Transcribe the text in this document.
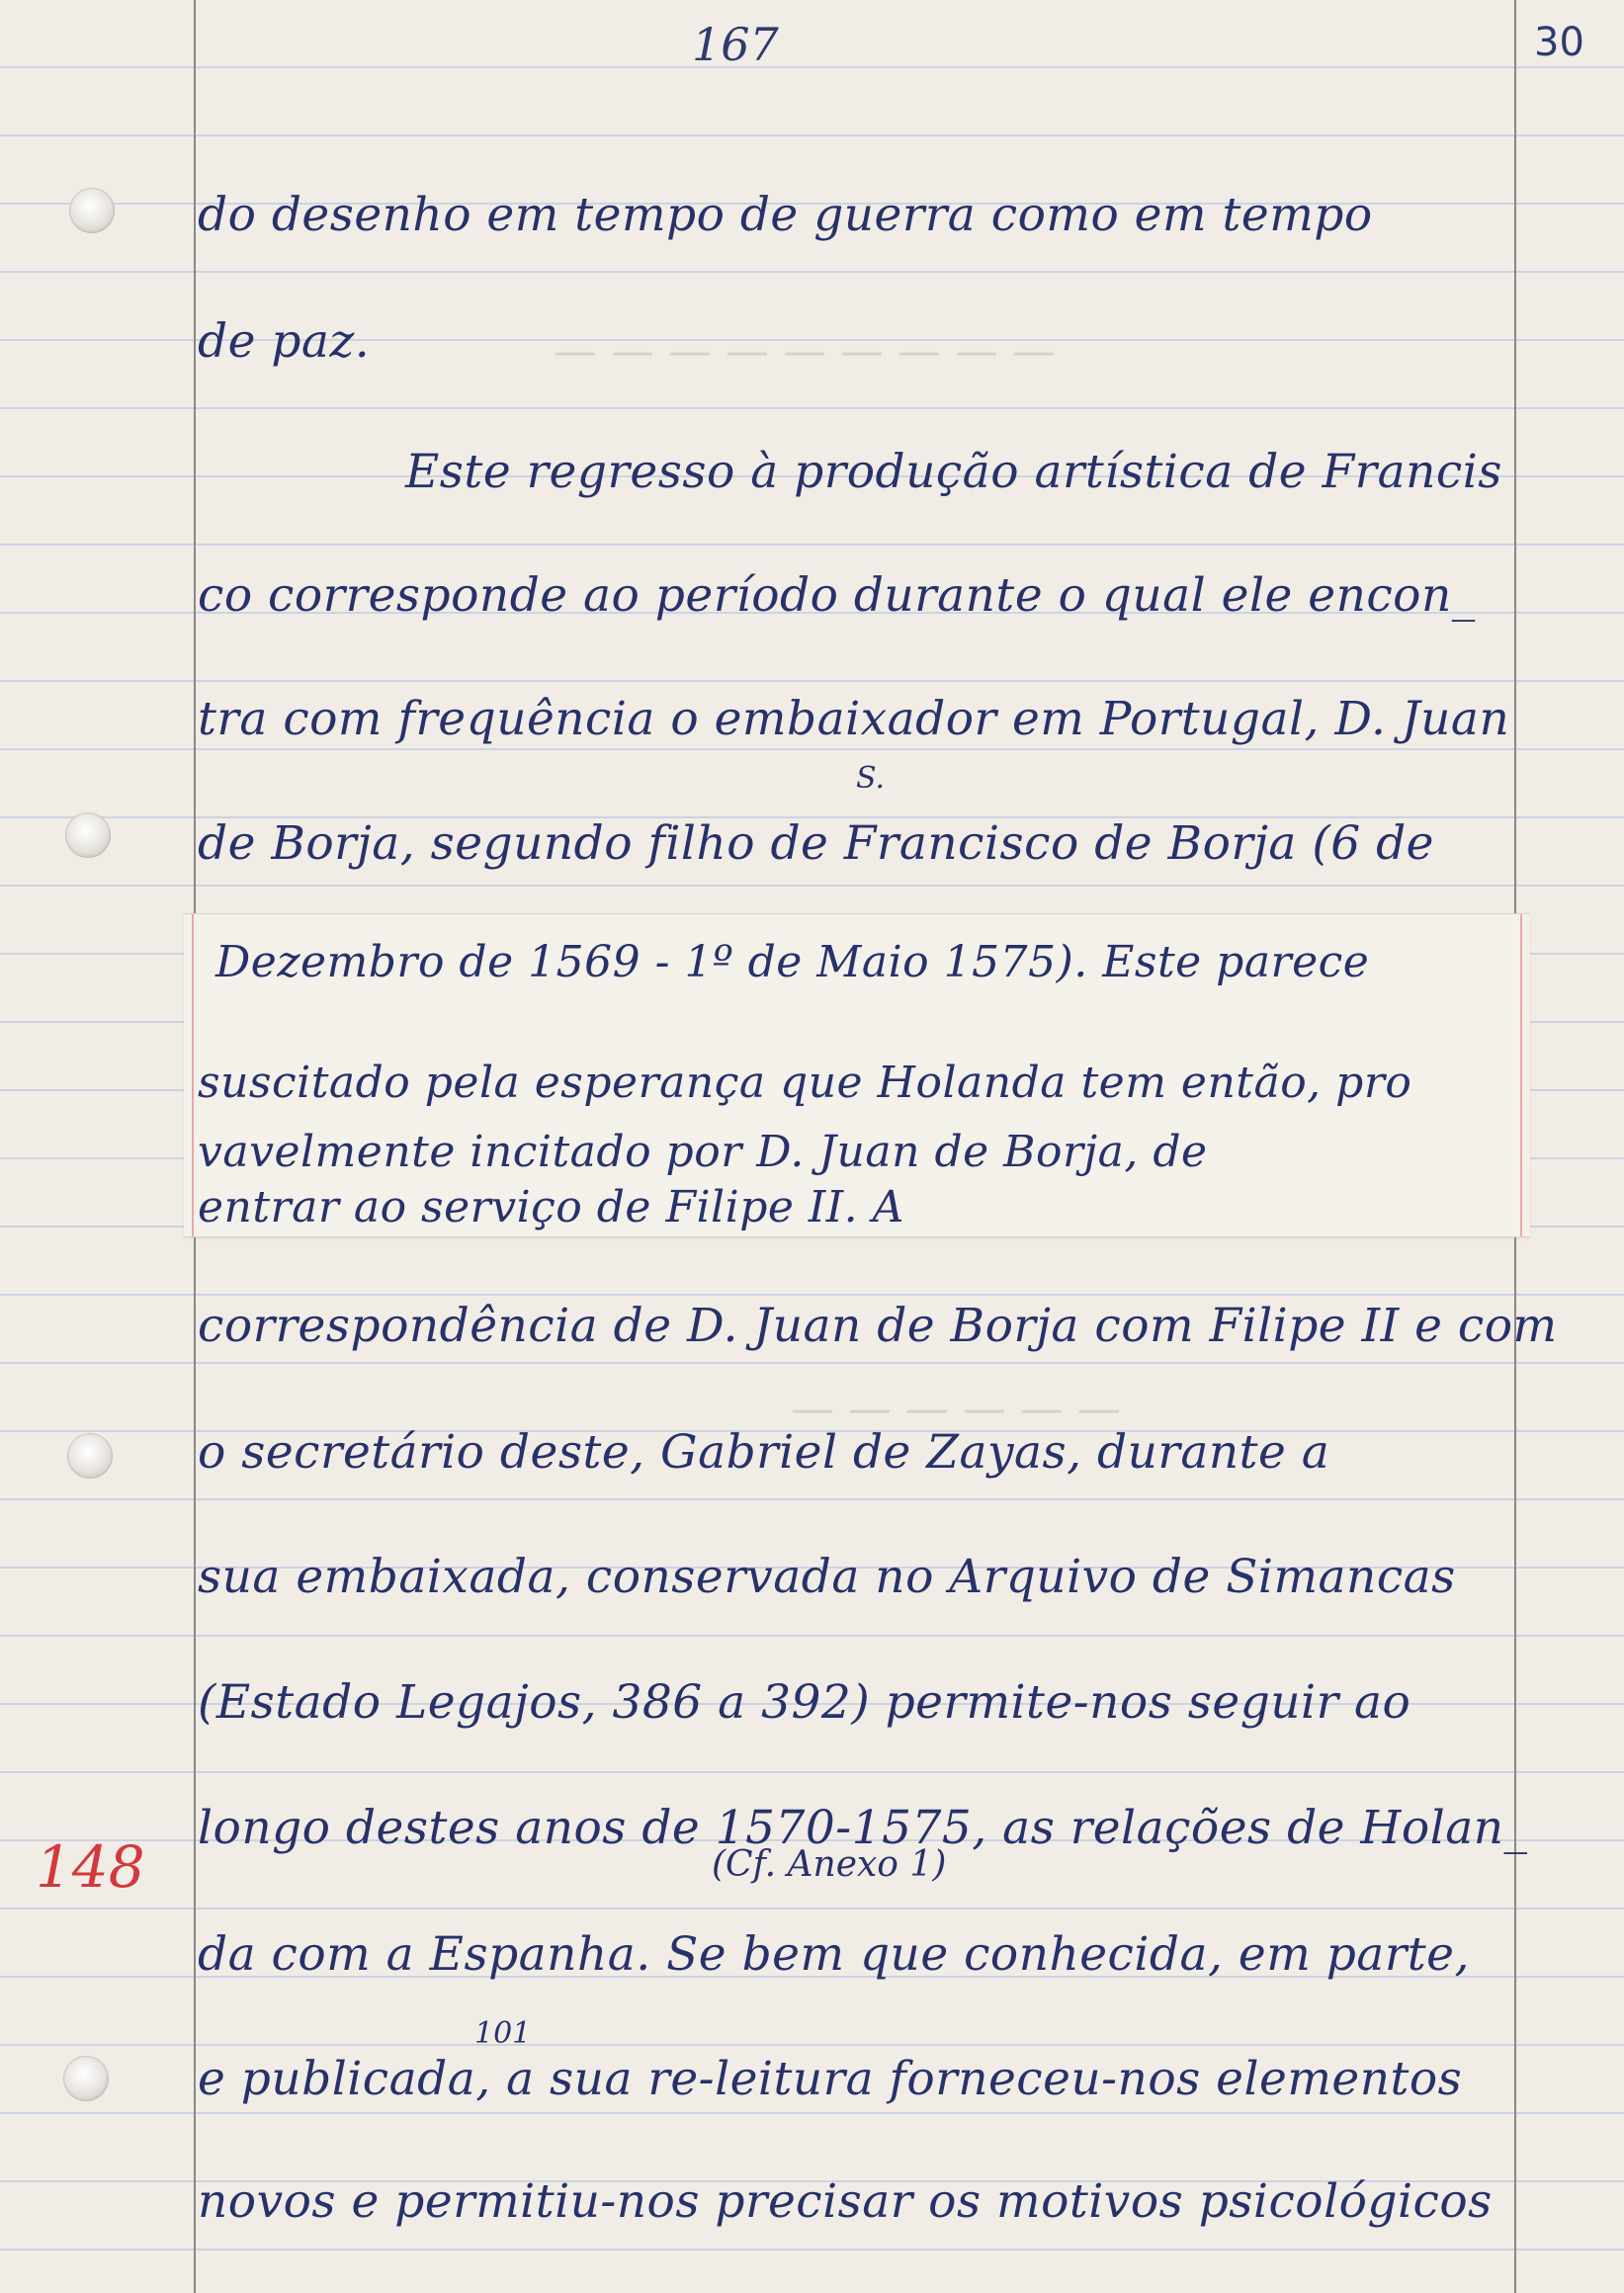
167	30
148
— — — — — — — — —
— — — — — —
do desenho em tempo de guerra como em tempo
de paz.
Este regresso à produção artística de Francis
co corresponde ao período durante o qual ele encon_
tra com frequência o embaixador em Portugal, D. Juan
S.
de Borja, segundo filho de Francisco de Borja (6 de
Dezembro de 1569 - 1º de Maio 1575). Este parece
suscitado pela esperança que Holanda tem então, pro
vavelmente incitado por D. Juan de Borja, de
entrar ao serviço de Filipe II. A
correspondência de D. Juan de Borja com Filipe II e com
o secretário deste, Gabriel de Zayas, durante a
sua embaixada, conservada no Arquivo de Simancas
(Estado Legajos, 386 a 392) permite-nos seguir ao
longo destes anos de 1570-1575, as relações de Holan_
(Cf. Anexo 1)
da com a Espanha. Se bem que conhecida, em parte,
101
e publicada, a sua re-leitura forneceu-nos elementos
novos e permitiu-nos precisar os motivos psicológicos
